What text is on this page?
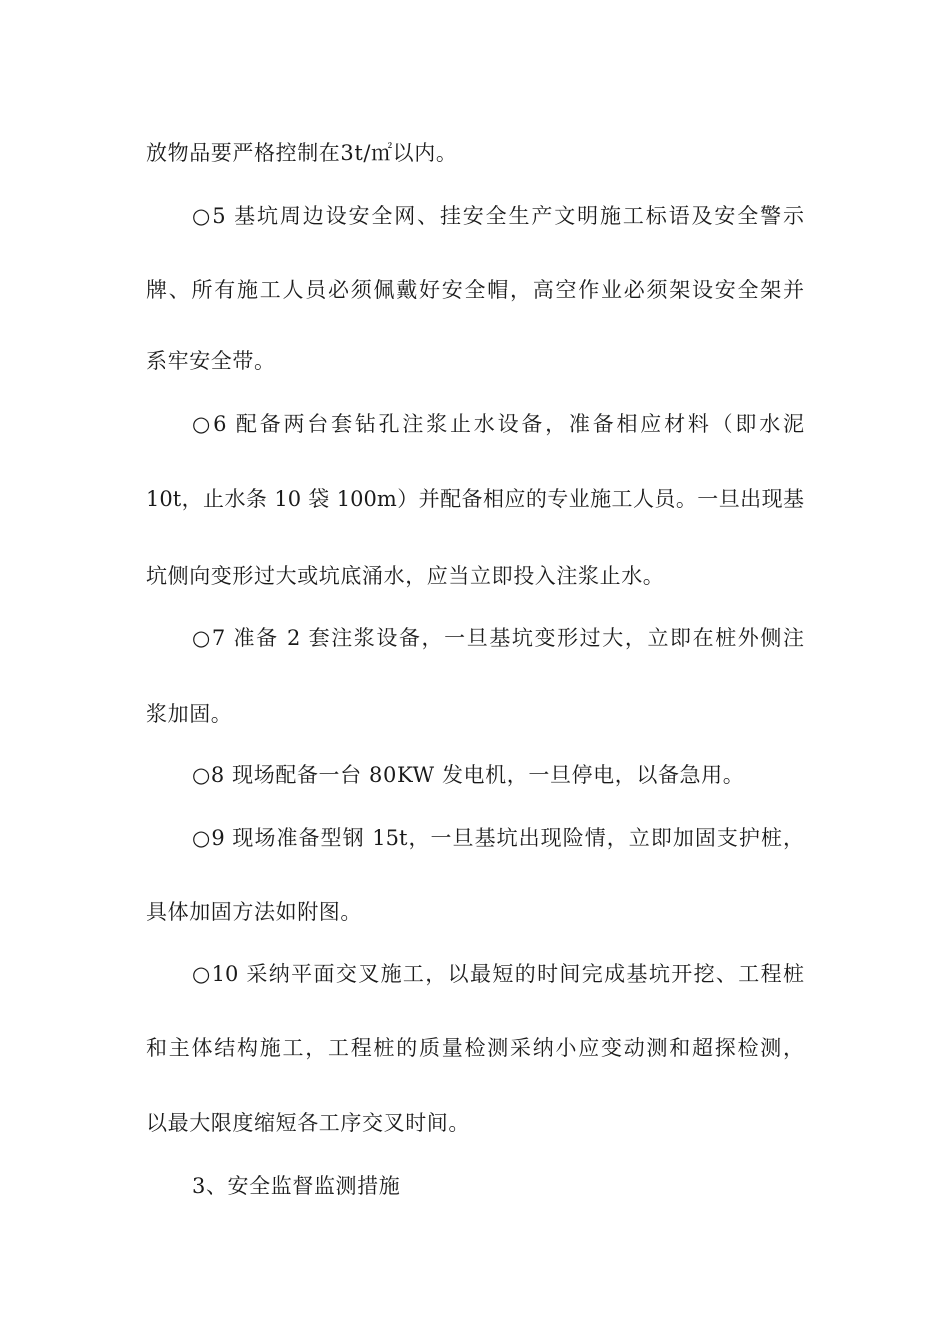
放物品要严格控制在3t/㎡以内。
○5 基坑周边设安全网、挂安全生产文明施工标语及安全警示
牌、所有施工人员必须佩戴好安全帽，高空作业必须架设安全架并
系牢安全带。
○6 配备两台套钻孔注浆止水设备，准备相应材料（即水泥
10t，止水条 10 袋 100m）并配备相应的专业施工人员。一旦出现基
坑侧向变形过大或坑底涌水，应当立即投入注浆止水。
○7 准备 2 套注浆设备，一旦基坑变形过大，立即在桩外侧注
浆加固。
○8 现场配备一台 80KW 发电机，一旦停电，以备急用。
○9 现场准备型钢 15t，一旦基坑出现险情，立即加固支护桩，
具体加固方法如附图。
○10 采纳平面交叉施工，以最短的时间完成基坑开挖、工程桩
和主体结构施工，工程桩的质量检测采纳小应变动测和超探检测，
以最大限度缩短各工序交叉时间。
3、安全监督监测措施
